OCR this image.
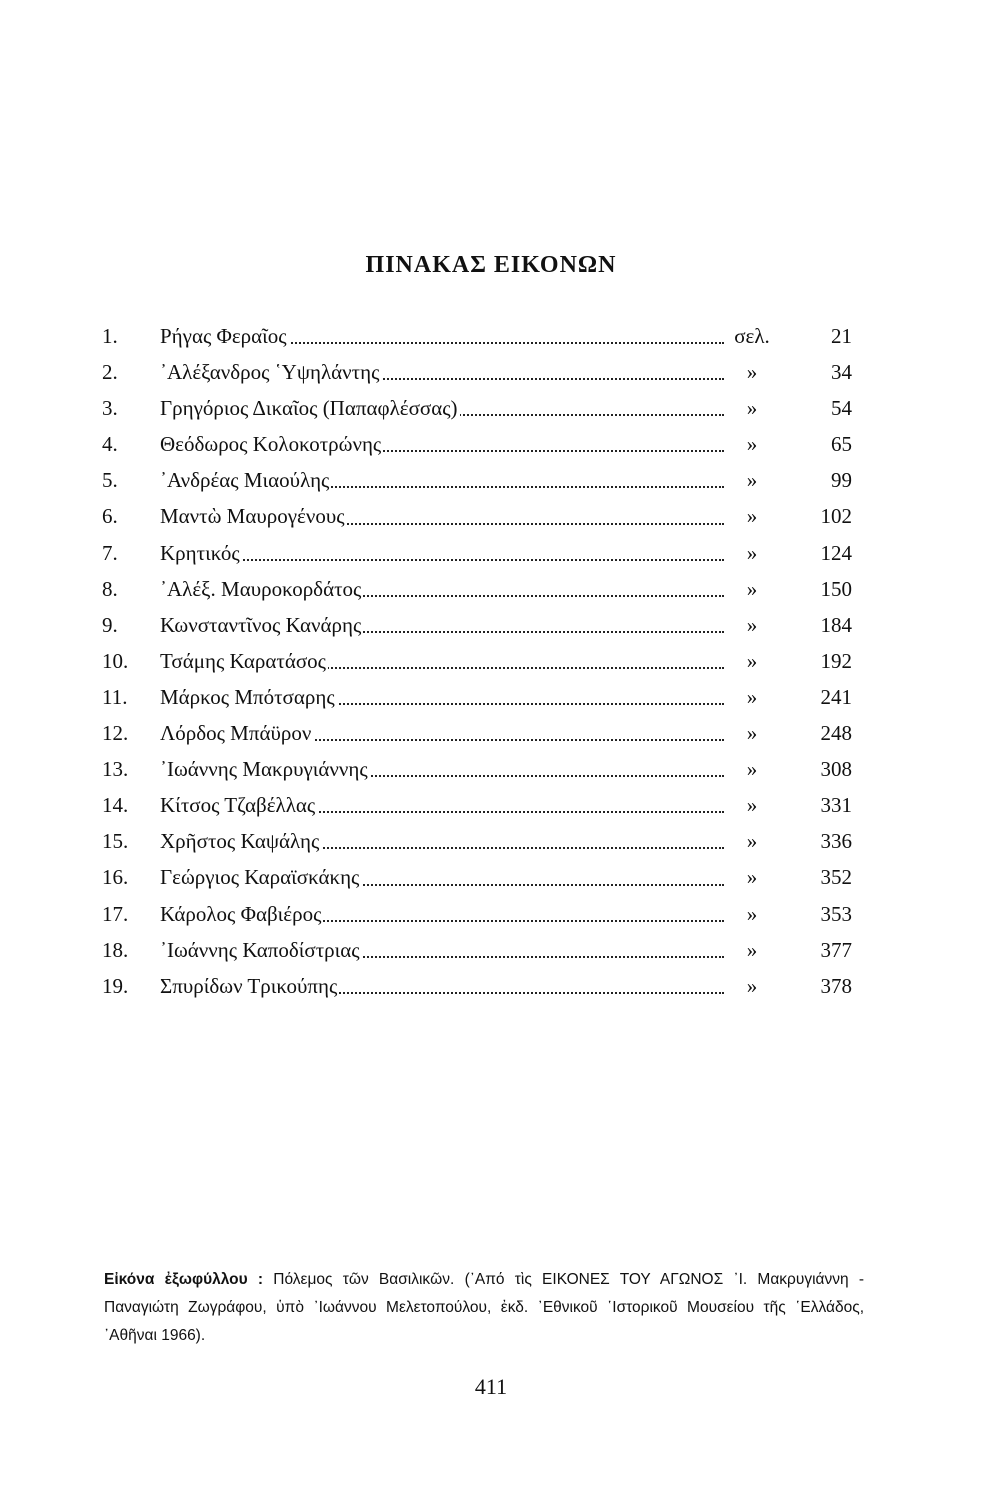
ΠΙΝΑΚΑΣ ΕΙΚΟΝΩΝ
1.	Ρήγας Φεραῖος	σελ.	21
2.	᾿Αλέξανδρος ῾Υψηλάντης	»	34
3.	Γρηγόριος Δικαῖος (Παπαφλέσσας)	»	54
4.	Θεόδωρος Κολοκοτρώνης	»	65
5.	᾿Ανδρέας Μιαούλης	»	99
6.	Μαντὼ Μαυρογένους	»	102
7.	Κρητικός	»	124
8.	᾿Αλέξ. Μαυροκορδάτος	»	150
9.	Κωνσταντῖνος Κανάρης	»	184
10.	Τσάμης Καρατάσος	»	192
11.	Μάρκος Μπότσαρης	»	241
12.	Λόρδος Μπάϋρον	»	248
13.	᾿Ιωάννης Μακρυγιάννης	»	308
14.	Κίτσος Τζαβέλλας	»	331
15.	Χρῆστος Καψάλης	»	336
16.	Γεώργιος Καραϊσκάκης	»	352
17.	Κάρολος Φαβιέρος	»	353
18.	᾿Ιωάννης Καποδίστριας	»	377
19.	Σπυρίδων Τρικούπης	»	378
Εἰκόνα ἐξωφύλλου : Πόλεμος τῶν Βασιλικῶν. (᾿Από τὶς ΕΙΚΟΝΕΣ ΤΟΥ ΑΓΩΝΟΣ ᾿Ι. Μακρυγιάννη - Παναγιώτη Ζωγράφου, ὑπὸ ᾿Ιωάννου Μελετοπούλου, ἐκδ. ᾿Εθνικοῦ ῾Ιστορικοῦ Μουσείου τῆς ῾Ελλάδος, ᾿Αθῆναι 1966).
411
